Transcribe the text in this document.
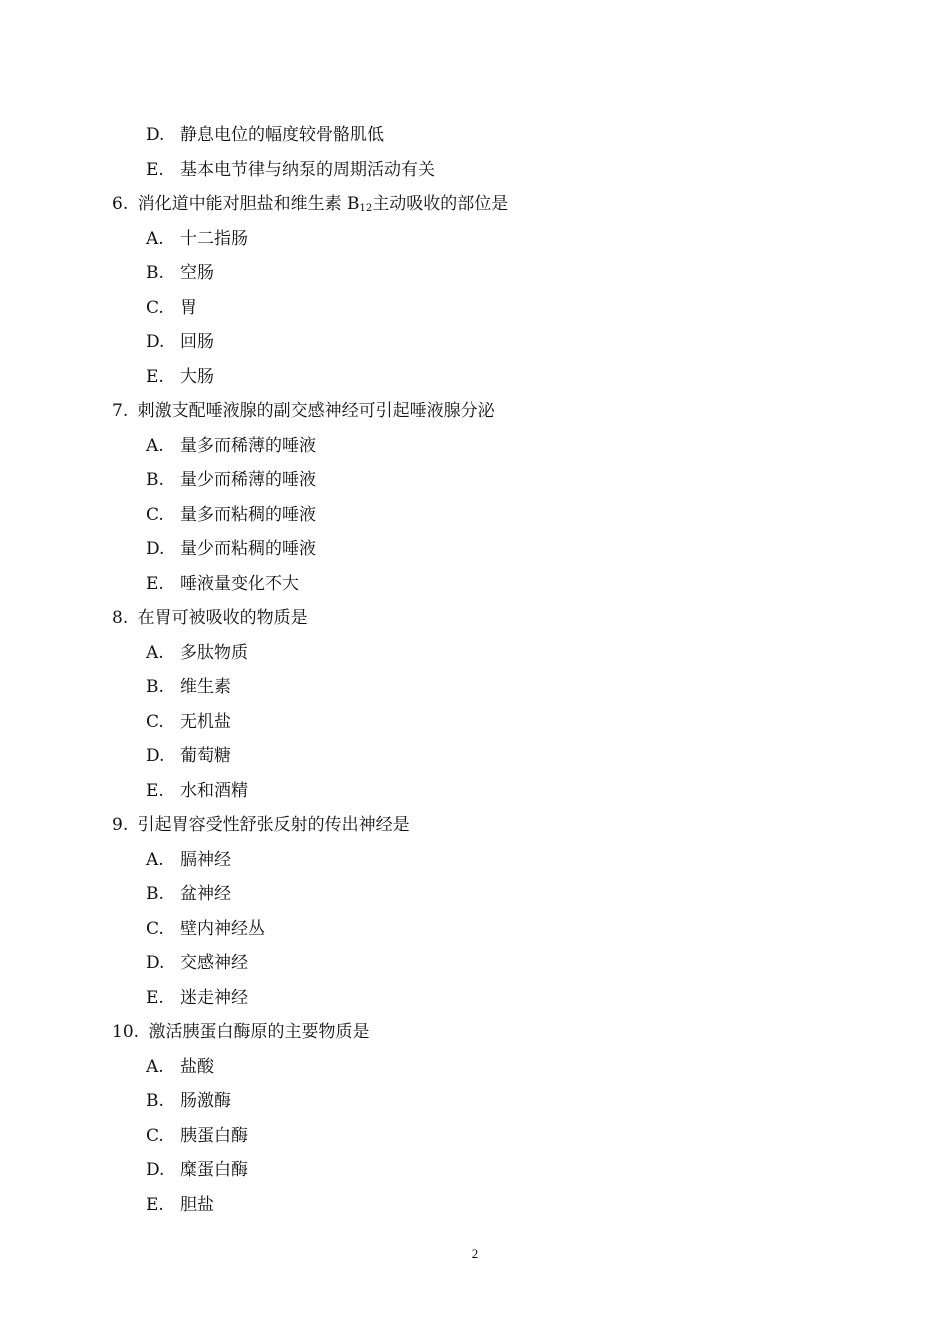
D. 静息电位的幅度较骨骼肌低
E. 基本电节律与纳泵的周期活动有关
6. 消化道中能对胆盐和维生素 $B_{12}$主动吸收的部位是
A. 十二指肠
B. 空肠
C. 胃
D. 回肠
E. 大肠
7. 刺激支配唾液腺的副交感神经可引起唾液腺分泌
A. 量多而稀薄的唾液
B. 量少而稀薄的唾液
C. 量多而粘稠的唾液
D. 量少而粘稠的唾液
E. 唾液量变化不大
8. 在胃可被吸收的物质是
A. 多肽物质
B. 维生素
C. 无机盐
D. 葡萄糖
E. 水和酒精
9. 引起胃容受性舒张反射的传出神经是
A. 膈神经
B. 盆神经
C. 壁内神经丛
D. 交感神经
E. 迷走神经
10. 激活胰蛋白酶原的主要物质是
A. 盐酸
B. 肠激酶
C. 胰蛋白酶
D. 糜蛋白酶
E. 胆盐
2
